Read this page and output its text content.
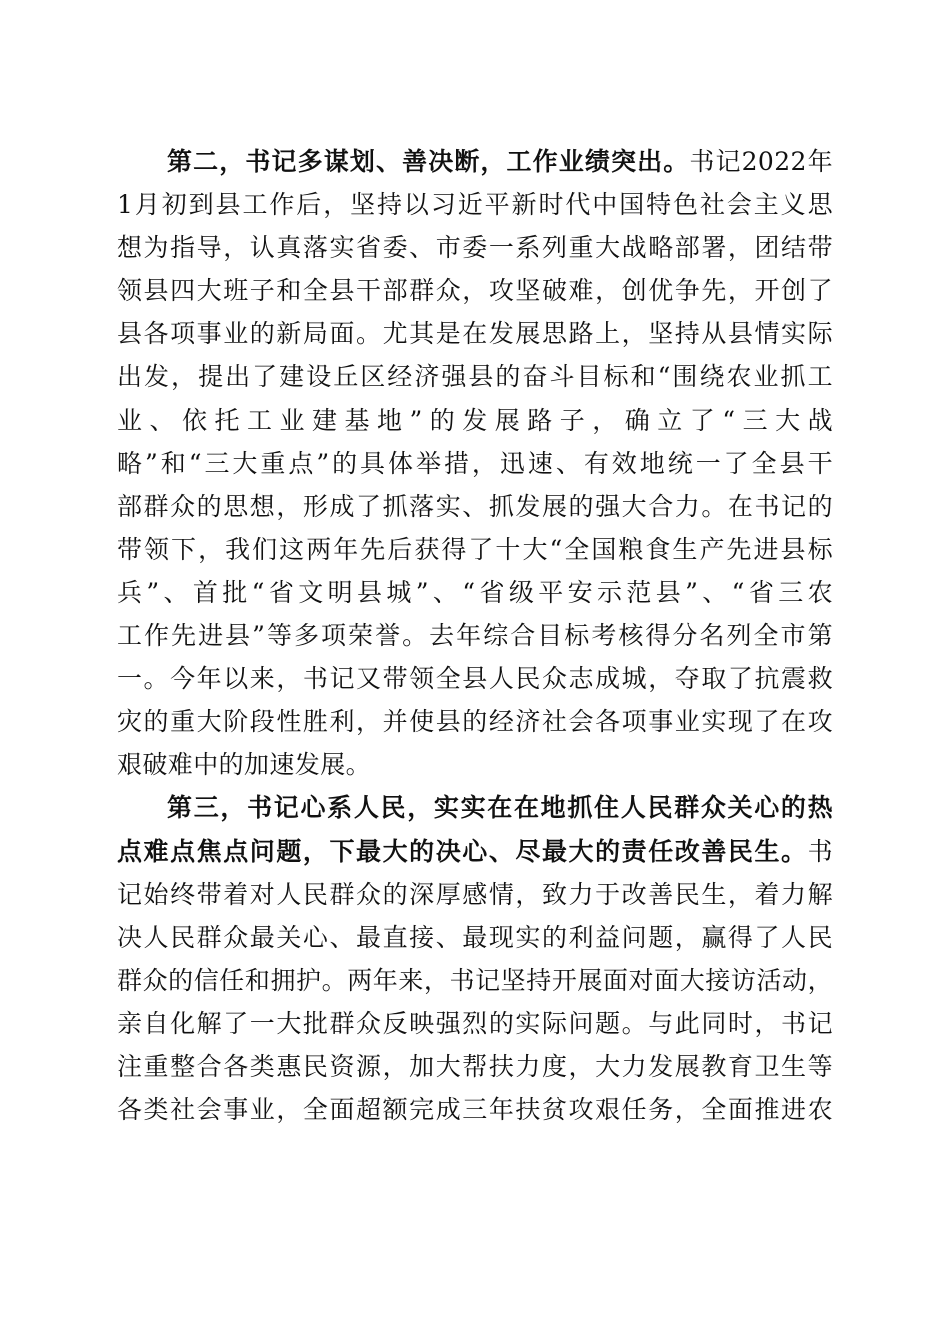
第二，书记多谋划、善决断，工作业绩突出。书记2022年
1月初到县工作后，坚持以习近平新时代中国特色社会主义思
想为指导，认真落实省委、市委一系列重大战略部署，团结带
领县四大班子和全县干部群众，攻坚破难，创优争先，开创了
县各项事业的新局面。尤其是在发展思路上，坚持从县情实际
出发，提出了建设丘区经济强县的奋斗目标和“围绕农业抓工
业、依托工业建基地”的发展路子，确立了“三大战
略”和“三大重点”的具体举措，迅速、有效地统一了全县干
部群众的思想，形成了抓落实、抓发展的强大合力。在书记的
带领下，我们这两年先后获得了十大“全国粮食生产先进县标
兵”、首批“省文明县城”、“省级平安示范县”、“省三农
工作先进县”等多项荣誉。去年综合目标考核得分名列全市第
一。今年以来，书记又带领全县人民众志成城，夺取了抗震救
灾的重大阶段性胜利，并使县的经济社会各项事业实现了在攻
艰破难中的加速发展。
第三，书记心系人民，实实在在地抓住人民群众关心的热
点难点焦点问题，下最大的决心、尽最大的责任改善民生。书
记始终带着对人民群众的深厚感情，致力于改善民生，着力解
决人民群众最关心、最直接、最现实的利益问题，赢得了人民
群众的信任和拥护。两年来，书记坚持开展面对面大接访活动，
亲自化解了一大批群众反映强烈的实际问题。与此同时，书记
注重整合各类惠民资源，加大帮扶力度，大力发展教育卫生等
各类社会事业，全面超额完成三年扶贫攻艰任务，全面推进农
